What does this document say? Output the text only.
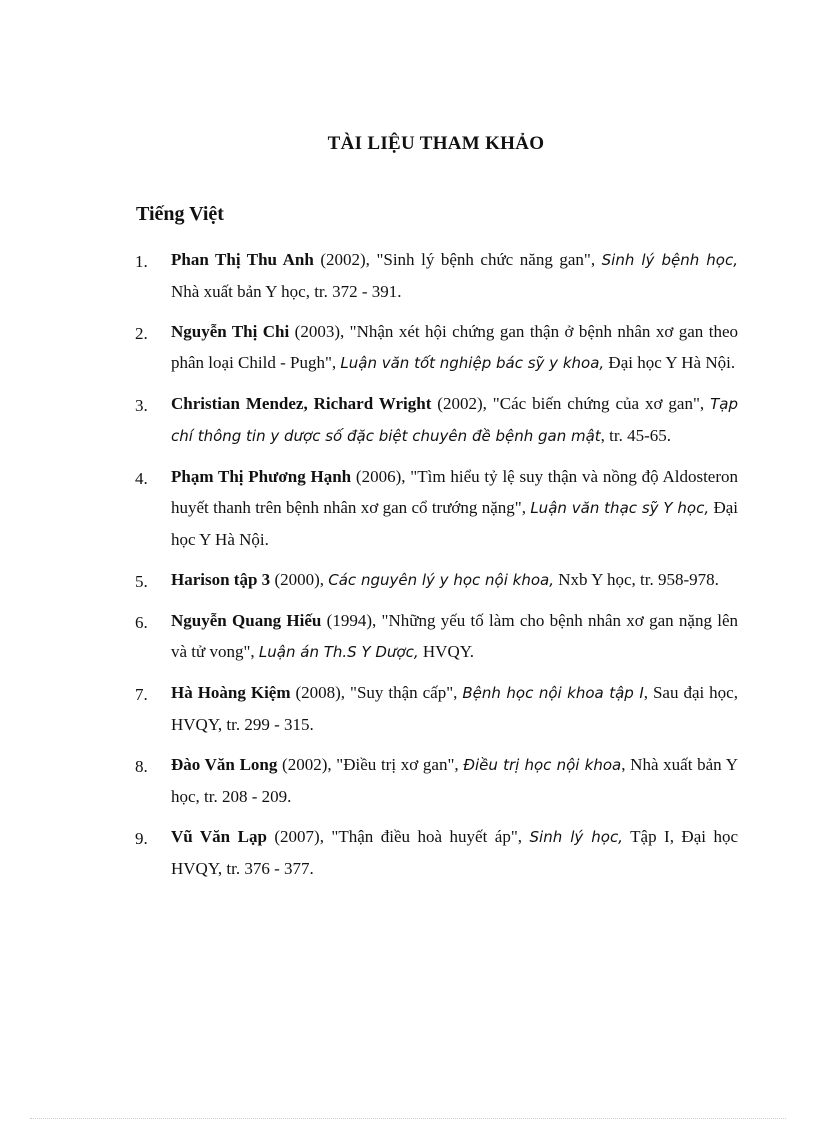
TÀI LIỆU THAM KHẢO
Tiếng Việt
1. Phan Thị Thu Anh (2002), "Sinh lý bệnh chức năng gan", Sinh lý bệnh học, Nhà xuất bản Y học, tr. 372 - 391.
2. Nguyễn Thị Chi (2003), "Nhận xét hội chứng gan thận ở bệnh nhân xơ gan theo phân loại Child - Pugh", Luận văn tốt nghiệp bác sỹ y khoa, Đại học Y Hà Nội.
3. Christian Mendez, Richard Wright (2002), "Các biến chứng của xơ gan", Tạp chí thông tin y dược số đặc biệt chuyên đề bệnh gan mật, tr. 45-65.
4. Phạm Thị Phương Hạnh (2006), "Tìm hiểu tỷ lệ suy thận và nồng độ Aldosteron huyết thanh trên bệnh nhân xơ gan cổ trướng nặng", Luận văn thạc sỹ Y học, Đại học Y Hà Nội.
5. Harison tập 3 (2000), Các nguyên lý y học nội khoa, Nxb Y học, tr. 958-978.
6. Nguyễn Quang Hiếu (1994), "Những yếu tố làm cho bệnh nhân xơ gan nặng lên và tử vong", Luận án Th.S Y Dược, HVQY.
7. Hà Hoàng Kiệm (2008), "Suy thận cấp", Bệnh học nội khoa tập I, Sau đại học, HVQY, tr. 299 - 315.
8. Đào Văn Long (2002), "Điều trị xơ gan", Điều trị học nội khoa, Nhà xuất bản Y học, tr. 208 - 209.
9. Vũ Văn Lạp (2007), "Thận điều hoà huyết áp", Sinh lý học, Tập I, Đại học HVQY, tr. 376 - 377.
